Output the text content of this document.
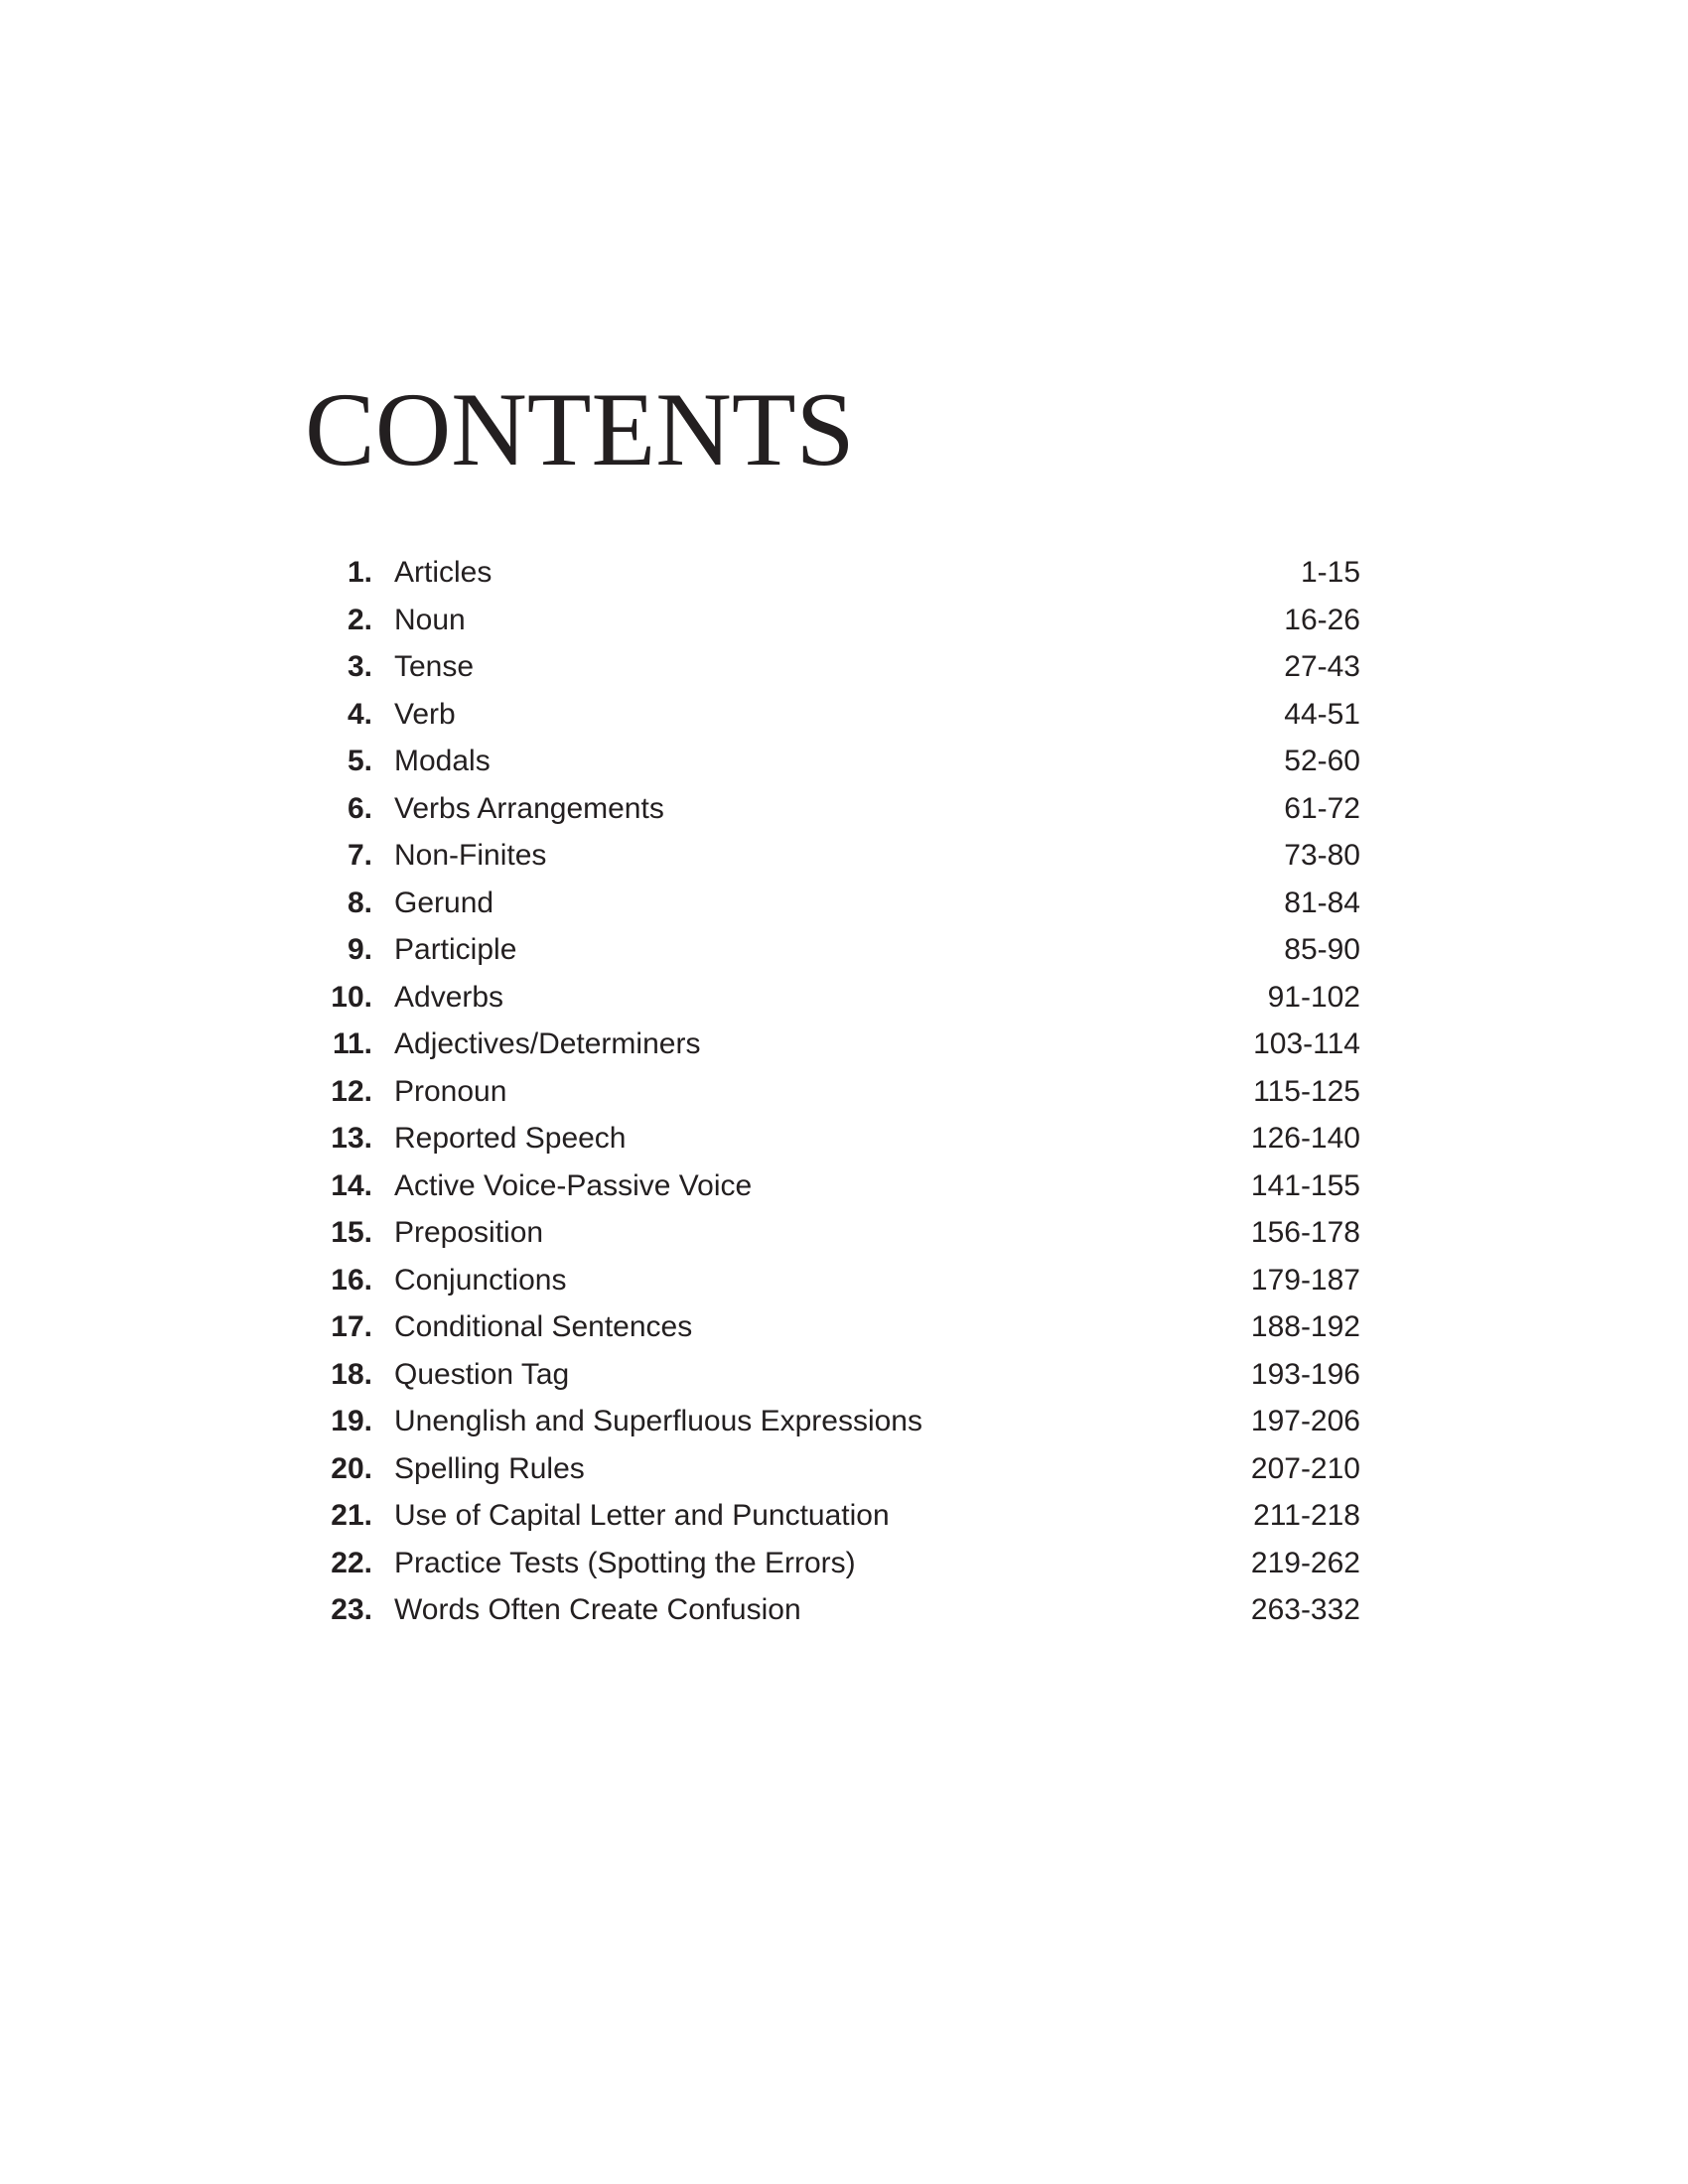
CONTENTS
1. Articles	1-15
2. Noun	16-26
3. Tense	27-43
4. Verb	44-51
5. Modals	52-60
6. Verbs Arrangements	61-72
7. Non-Finites	73-80
8. Gerund	81-84
9. Participle	85-90
10. Adverbs	91-102
11. Adjectives/Determiners	103-114
12. Pronoun	115-125
13. Reported Speech	126-140
14. Active Voice-Passive Voice	141-155
15. Preposition	156-178
16. Conjunctions	179-187
17. Conditional Sentences	188-192
18. Question Tag	193-196
19. Unenglish and Superfluous Expressions	197-206
20. Spelling Rules	207-210
21. Use of Capital Letter and Punctuation	211-218
22. Practice Tests (Spotting the Errors)	219-262
23. Words Often Create Confusion	263-332
